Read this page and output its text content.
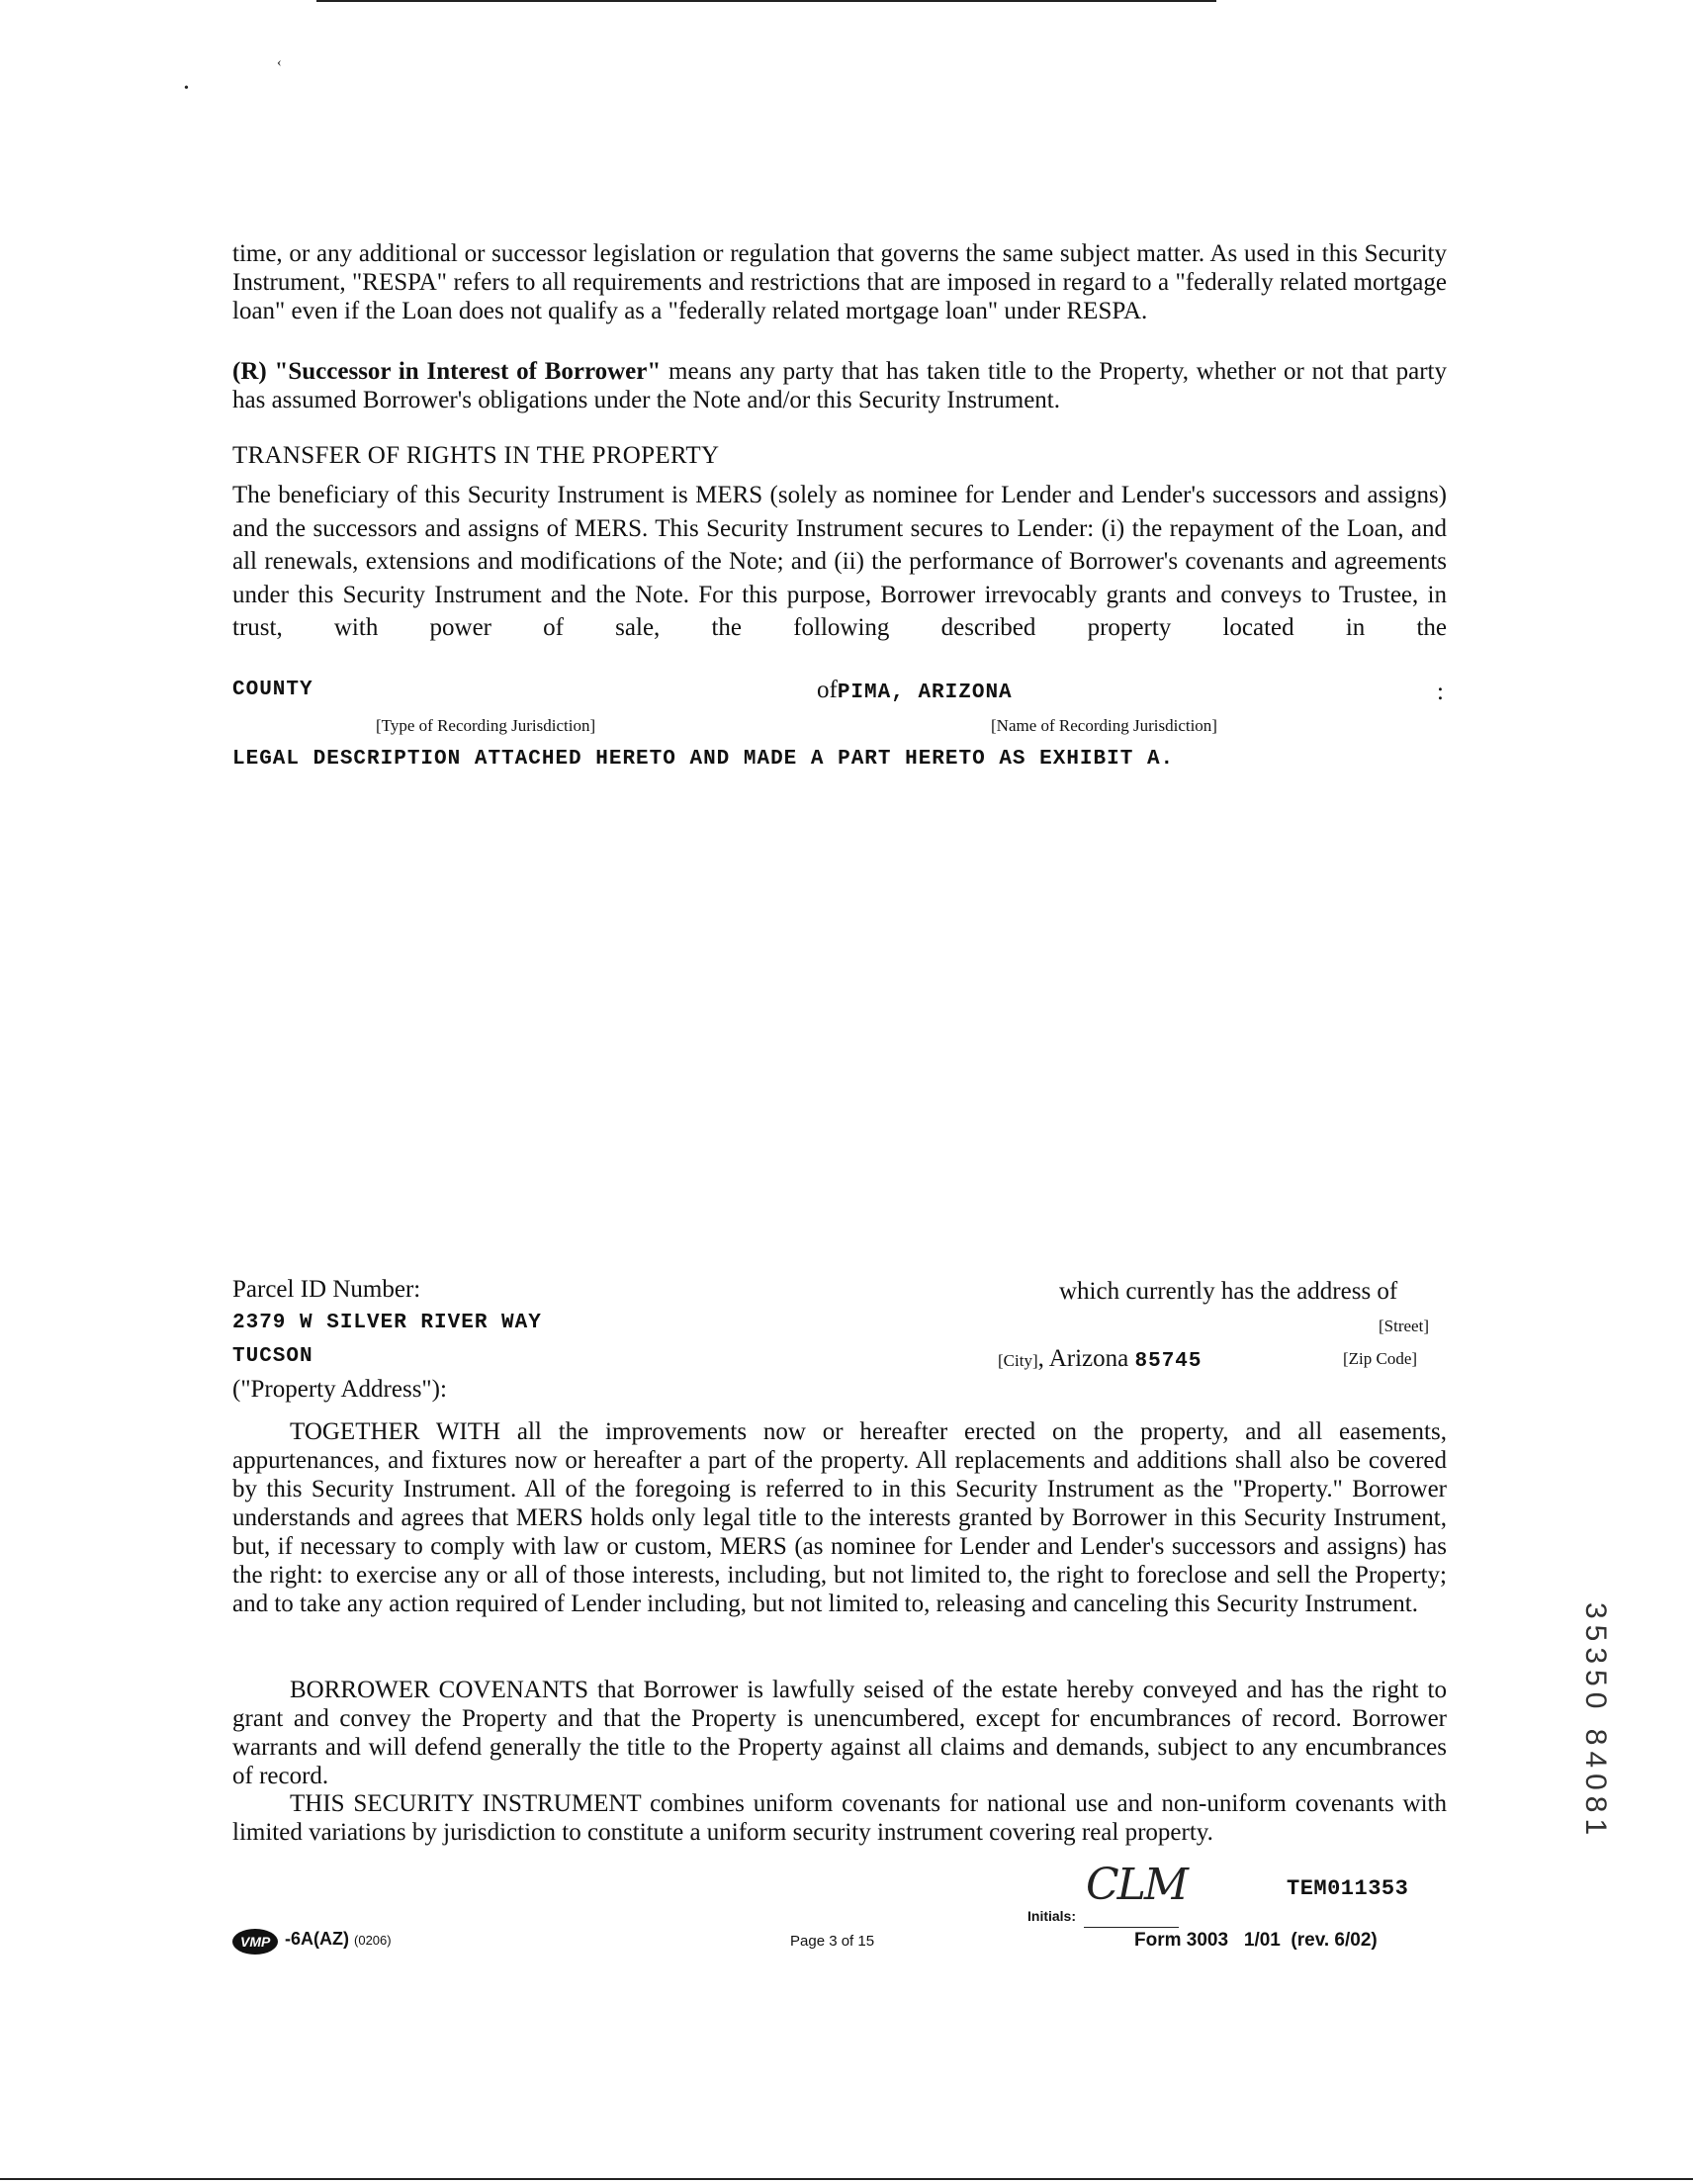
‹
•

time, or any additional or successor legislation or regulation that governs the same subject matter. As used in this Security Instrument, "RESPA" refers to all requirements and restrictions that are imposed in regard to a "federally related mortgage loan" even if the Loan does not qualify as a "federally related mortgage loan" under RESPA.

(R) "Successor in Interest of Borrower" means any party that has taken title to the Property, whether or not that party has assumed Borrower's obligations under the Note and/or this Security Instrument.

TRANSFER OF RIGHTS IN THE PROPERTY

The beneficiary of this Security Instrument is MERS (solely as nominee for Lender and Lender's successors and assigns) and the successors and assigns of MERS. This Security Instrument secures to Lender: (i) the repayment of the Loan, and all renewals, extensions and modifications of the Note; and (ii) the performance of Borrower's covenants and agreements under this Security Instrument and the Note. For this purpose, Borrower irrevocably grants and conveys to Trustee, in trust, with power of sale, the following described property located in the

COUNTY	ofPIMA, ARIZONA	:
[Type of Recording Jurisdiction]	[Name of Recording Jurisdiction]
LEGAL DESCRIPTION ATTACHED HERETO AND MADE A PART HERETO AS EXHIBIT A.
Parcel ID Number:	which currently has the address of
2379 W SILVER RIVER WAY	[Street]
TUCSON	[City], Arizona 85745	[Zip Code]
("Property Address"):

TOGETHER WITH all the improvements now or hereafter erected on the property, and all easements, appurtenances, and fixtures now or hereafter a part of the property. All replacements and additions shall also be covered by this Security Instrument. All of the foregoing is referred to in this Security Instrument as the "Property." Borrower understands and agrees that MERS holds only legal title to the interests granted by Borrower in this Security Instrument, but, if necessary to comply with law or custom, MERS (as nominee for Lender and Lender's successors and assigns) has the right: to exercise any or all of those interests, including, but not limited to, the right to foreclose and sell the Property; and to take any action required of Lender including, but not limited to, releasing and canceling this Security Instrument.

BORROWER COVENANTS that Borrower is lawfully seised of the estate hereby conveyed and has the right to grant and convey the Property and that the Property is unencumbered, except for encumbrances of record. Borrower warrants and will defend generally the title to the Property against all claims and demands, subject to any encumbrances of record.

THIS SECURITY INSTRUMENT combines uniform covenants for national use and non-uniform covenants with limited variations by jurisdiction to constitute a uniform security instrument covering real property.

TEM011353
CLM
Initials:
VMP -6A(AZ) (0206)	Page 3 of 15	Form 3003   1/01  (rev. 6/02)
35350 84081
